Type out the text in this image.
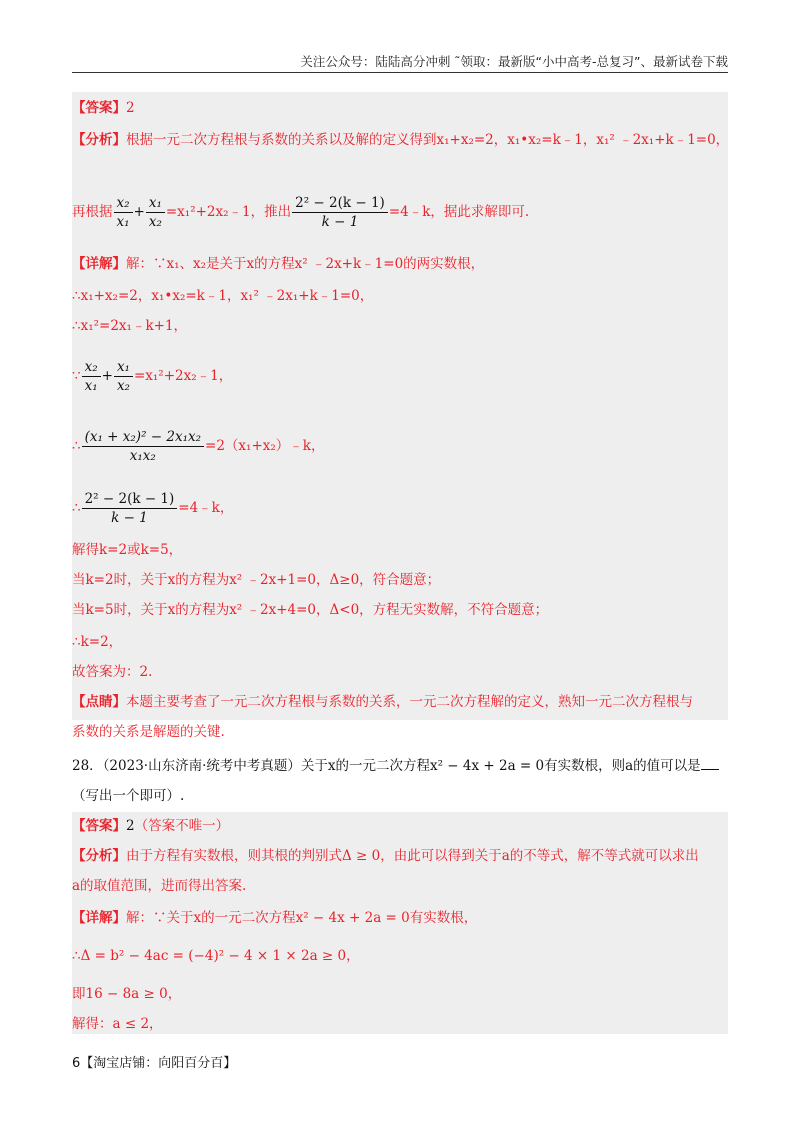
关注公众号：陆陆高分冲刺 ˜领取：最新版“小中高考-总复习”、最新试卷下载
【答案】2
【分析】根据一元二次方程根与系数的关系以及解的定义得到x₁+x₂=2，x₁•x₂=k﹣1，x₁² ﹣2x₁+k﹣1=0，
再根据 $\frac{\text{x₂}}{\text{x₁}} + \frac{\text{x₁}}{\text{x₂}}$ =x₁²+2x₂﹣1，推出 $\frac{\text{2² − 2(k − 1)}}{k - 1}$ =4﹣k，据此求解即可.
【详解】解：∵x₁、x₂是关于x的方程x² ﹣2x+k﹣1=0的两实数根，
∴x₁+x₂=2，x₁•x₂=k﹣1，x₁² ﹣2x₁+k﹣1=0，
∴x₁²=2x₁﹣k+1，
∵ $\frac{\text{x₂}}{\text{x₁}} + \frac{\text{x₁}}{\text{x₂}}$ =x₁²+2x₂﹣1，
∴ $\frac{\text{(x₁ + x₂)² − 2x₁x₂}}{\text{x₁x₂}}$ =2（x₁+x₂）﹣k，
∴ $\frac{\text{2² − 2(k − 1)}}{k - 1}$ =4﹣k，
解得k=2或k=5，
当k=2时，关于x的方程为x² ﹣2x+1=0，Δ≥0，符合题意；
当k=5时，关于x的方程为x² ﹣2x+4=0，Δ<0，方程无实数解，不符合题意；
∴k=2，
故答案为：2.
【点睛】本题主要考查了一元二次方程根与系数的关系，一元二次方程解的定义，熟知一元二次方程根与
系数的关系是解题的关键.
28．（2023·山东济南·统考中考真题）关于x的一元二次方程x² − 4x + 2a = 0有实数根，则a的值可以是
（写出一个即可）.
【答案】2（答案不唯一）
【分析】由于方程有实数根，则其根的判别式Δ ≥ 0，由此可以得到关于a的不等式，解不等式就可以求出
a的取值范围，进而得出答案.
【详解】解：∵关于x的一元二次方程x² − 4x + 2a = 0有实数根，
∴Δ = b² − 4ac = (−4)² − 4 × 1 × 2a ≥ 0，
即16 − 8a ≥ 0，
解得：a ≤ 2，
6【淘宝店铺：向阳百分百】
